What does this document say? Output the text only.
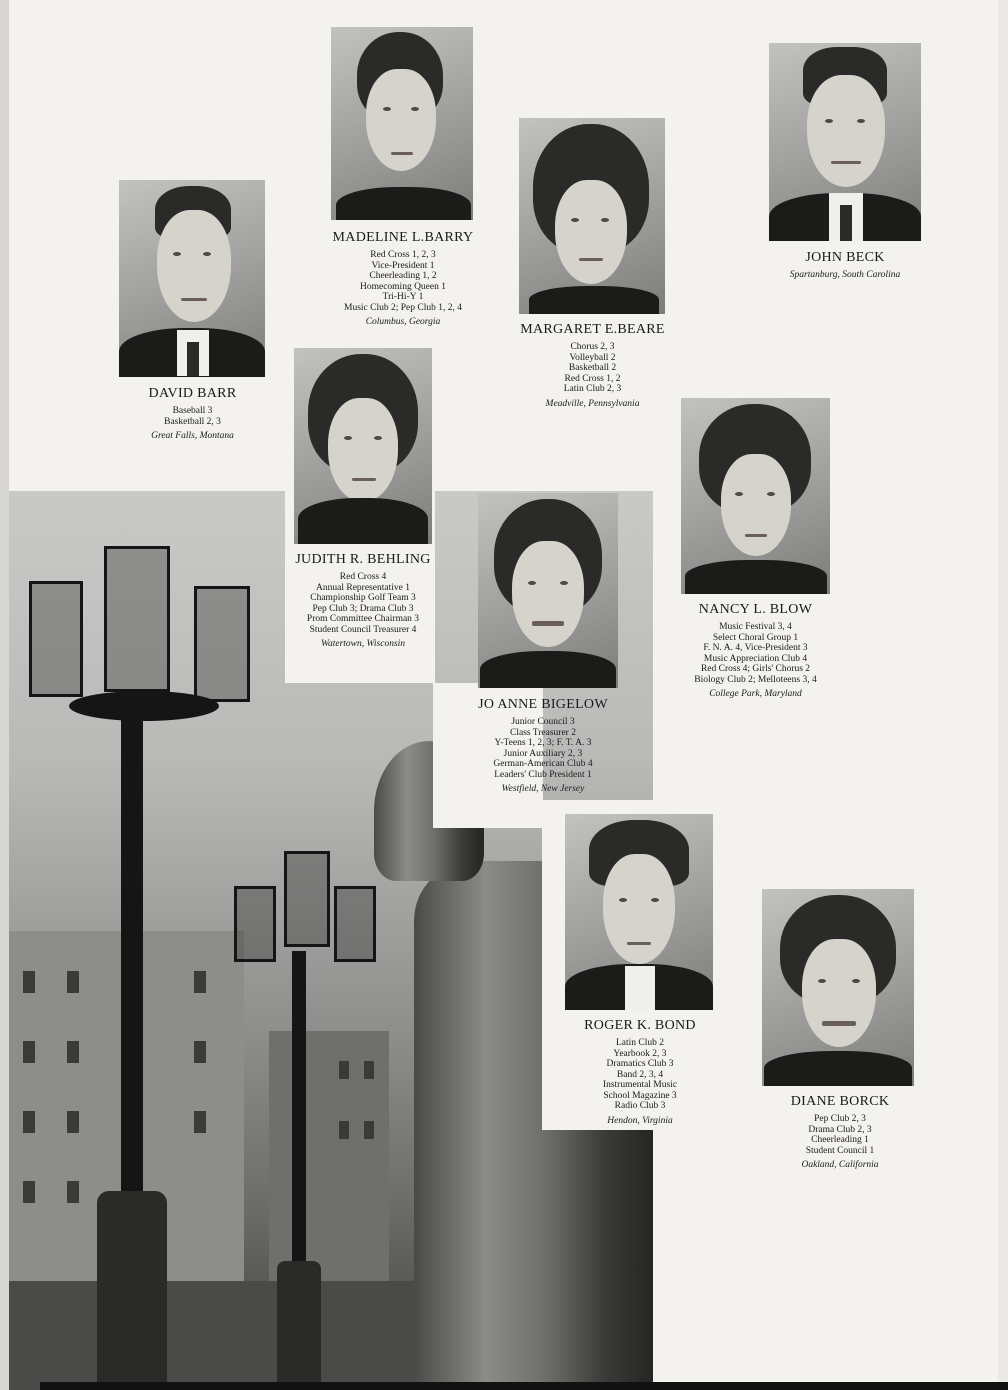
MADELINE L.BARRY
Red Cross 1, 2, 3
Vice-President 1
Cheerleading 1, 2
Homecoming Queen 1
Tri-Hi-Y 1
Music Club 2; Pep Club 1, 2, 4
Columbus, Georgia
JOHN BECK
Spartanburg, South Carolina
DAVID BARR
Baseball 3
Basketball 2, 3
Great Falls, Montana
MARGARET E.BEARE
Chorus 2, 3
Volleyball 2
Basketball 2
Red Cross 1, 2
Latin Club 2, 3
Meadville, Pennsylvania
JUDITH R. BEHLING
Red Cross 4
Annual Representative 1
Championship Golf Team 3
Pep Club 3; Drama Club 3
Prom Committee Chairman 3
Student Council Treasurer 4
Watertown, Wisconsin
NANCY L. BLOW
Music Festival 3, 4
Select Choral Group 1
F. N. A. 4, Vice-President 3
Music Appreciation Club 4
Red Cross 4; Girls' Chorus 2
Biology Club 2; Melloteens 3, 4
College Park, Maryland
JO ANNE BIGELOW
Junior Council 3
Class Treasurer 2
Y-Teens 1, 2, 3; F. T. A. 3
Junior Auxiliary 2, 3
German-American Club 4
Leaders' Club President 1
Westfield, New Jersey
ROGER K. BOND
Latin Club 2
Yearbook 2, 3
Dramatics Club 3
Band 2, 3, 4
Instrumental Music
School Magazine 3
Radio Club 3
Hendon, Virginia
DIANE BORCK
Pep Club 2, 3
Drama Club 2, 3
Cheerleading 1
Student Council 1
Oakland, California
